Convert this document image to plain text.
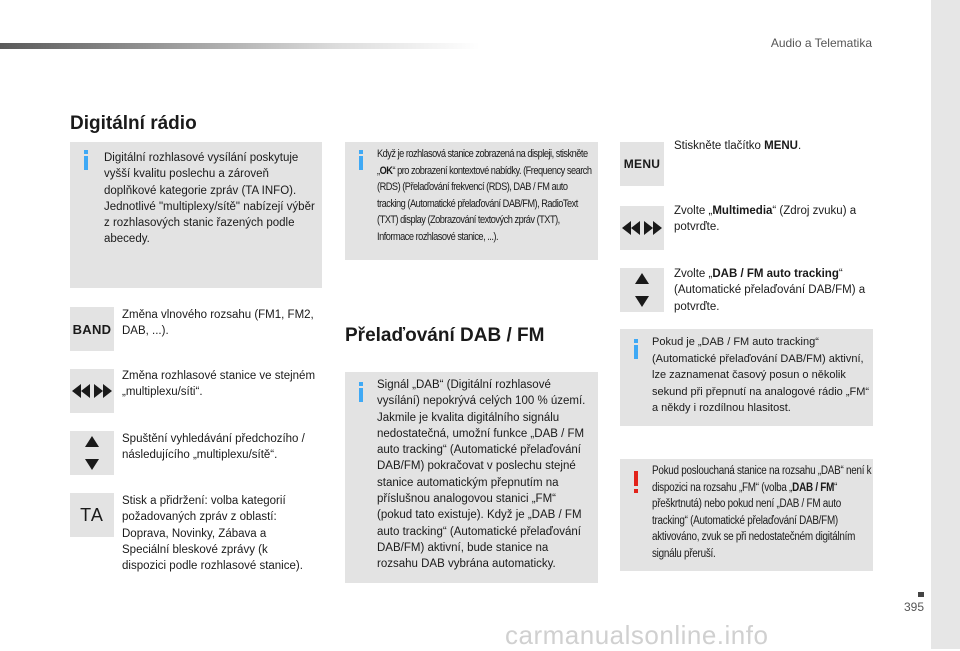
Audio a Telematika
Digitální rádio
Digitální rozhlasové vysílání poskytuje vyšší kvalitu poslechu a zároveň doplňkové kategorie zpráv (TA INFO). Jednotlivé "multiplexy/sítě" nabízejí výběr z rozhlasových stanic řazených podle abecedy.
BAND
Změna vlnového rozsahu (FM1, FM2, DAB, ...).
Změna rozhlasové stanice ve stejném „multiplexu/síti“.
Spuštění vyhledávání předchozího / následujícího „multiplexu/sítě“.
TA
Stisk a přidržení: volba kategorií požadovaných zpráv z oblastí: Doprava, Novinky, Zábava a Speciální bleskové zprávy (k dispozici podle rozhlasové stanice).
Když je rozhlasová stanice zobrazená na displeji, stiskněte „OK“ pro zobrazení kontextové nabídky. (Frequency search (RDS) (Přelaďování frekvencí (RDS), DAB / FM auto tracking (Automatické přelaďování DAB/FM), RadioText (TXT) display (Zobrazování textových zpráv (TXT), Informace rozhlasové stanice, ...).
Přelaďování DAB / FM
Signál „DAB“ (Digitální rozhlasové vysílání) nepokrývá celých 100 % území. Jakmile je kvalita digitálního signálu nedostatečná, umožní funkce „DAB / FM auto tracking“ (Automatické přelaďování DAB/FM) pokračovat v poslechu stejné stanice automatickým přepnutím na příslušnou analogovou stanici „FM“ (pokud tato existuje). Když je „DAB / FM auto tracking“ (Automatické přelaďování DAB/FM) aktivní, bude stanice na rozsahu DAB vybrána automaticky.
MENU
Stiskněte tlačítko MENU.
Zvolte „Multimedia“ (Zdroj zvuku) a potvrďte.
Zvolte „DAB / FM auto tracking“ (Automatické přelaďování DAB/FM) a potvrďte.
Pokud je „DAB / FM auto tracking“ (Automatické přelaďování DAB/FM) aktivní, lze zaznamenat časový posun o několik sekund při přepnutí na analogové rádio „FM“ a někdy i rozdílnou hlasitost.
Pokud poslouchaná stanice na rozsahu „DAB“ není k dispozici na rozsahu „FM“ (volba „DAB / FM“ přeškrtnutá) nebo pokud není „DAB / FM auto tracking“ (Automatické přelaďování DAB/FM) aktivováno, zvuk se při nedostatečném digitálním signálu přeruší.
395
carmanualsonline.info
